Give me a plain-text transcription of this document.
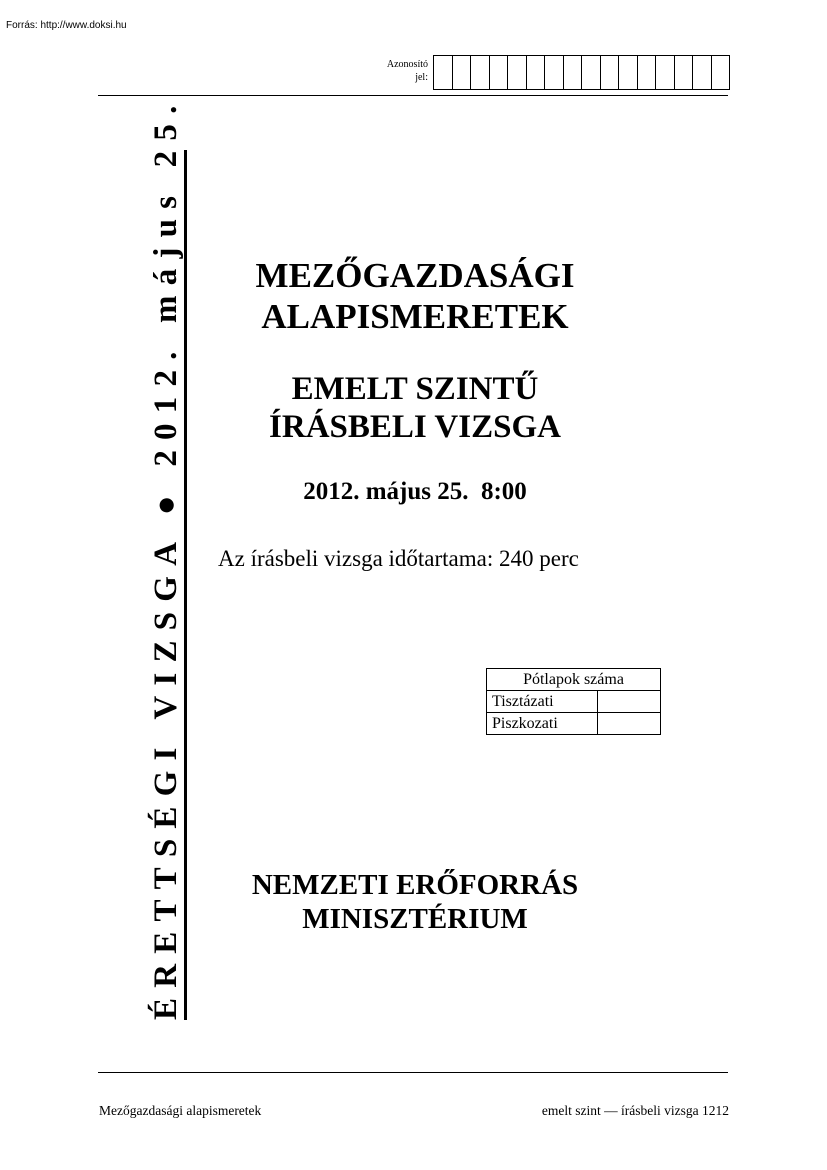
Forrás: http://www.doksi.hu
Azonosító
jel:
ÉRETTSÉGI VIZSGA ● 2012. május 25.	MEZŐGAZDASÁGI
ALAPISMERETEK
EMELT SZINTŰ
ÍRÁSBELI VIZSGA
2012. május 25.  8:00
Az írásbeli vizsga időtartama: 240 perc
Pótlapok száma	
Tisztázati	
Piszkozati	
NEMZETI ERŐFORRÁS
MINISZTÉRIUM
Mezőgazdasági alapismeretek	emelt szint — írásbeli vizsga 1212
